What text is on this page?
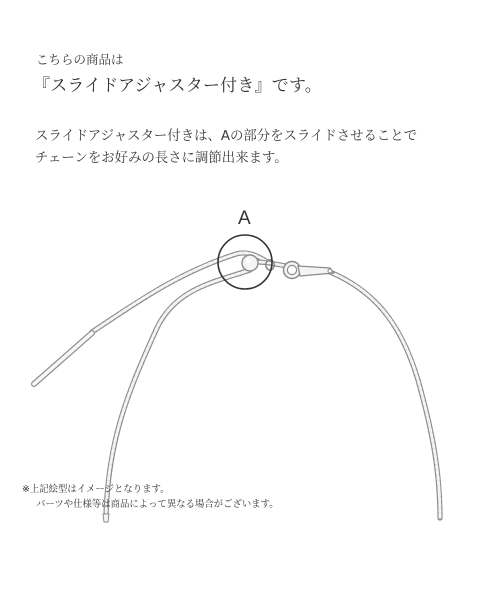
こちらの商品は

『スライドアジャスター付き』です。

スライドアジャスター付きは、Aの部分をスライドさせることで

チェーンをお好みの長さに調節出来ます。

A

※上記絵型はイメージとなります。

パーツや仕様等は商品によって異なる場合がございます。
